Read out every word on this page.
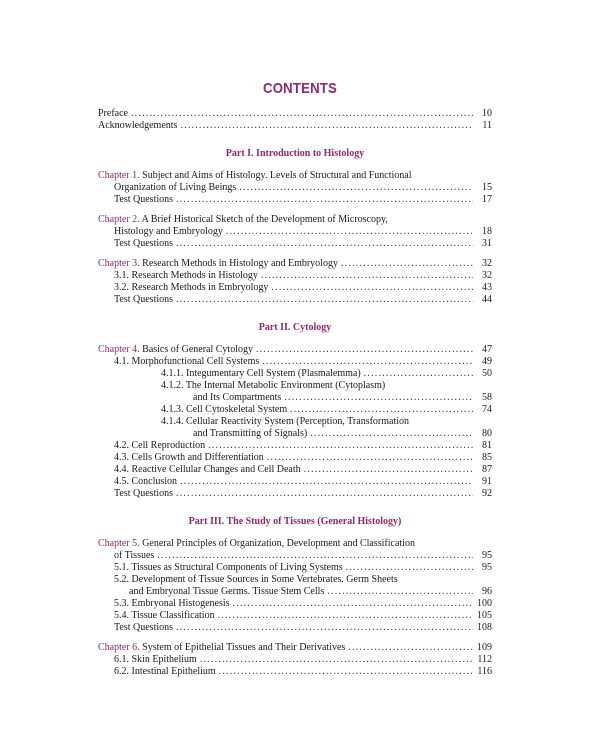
CONTENTS
Preface .....	10
Acknowledgements .....	11
Part I. Introduction to Histology
Chapter 1. Subject and Aims of Histology. Levels of Structural and Functional
Organization of Living Beings .....	15
Test Questions .....	17
Chapter 2. A Brief Historical Sketch of the Development of Microscopy,
Histology and Embryology .....	18
Test Questions .....	31
Chapter 3. Research Methods in Histology and Embryology .....	32
3.1. Research Methods in Histology .....	32
3.2. Research Methods in Embryology .....	43
Test Questions .....	44
Part II. Cytology
Chapter 4. Basics of General Cytology .....	47
4.1. Morphofunctional Cell Systems .....	49
4.1.1. Integumentary Cell System (Plasmalemma) .....	50
4.1.2. The Internal Metabolic Environment (Cytoplasm)
and Its Compartments .....	58
4.1.3. Cell Cytoskeletal System .....	74
4.1.4. Cellular Reactivity System (Perception, Transformation
and Transmitting of Signals) .....	80
4.2. Cell Reproduction .....	81
4.3. Cells Growth and Differentiation .....	85
4.4. Reactive Cellular Changes and Cell Death .....	87
4.5. Conclusion .....	91
Test Questions .....	92
Part III. The Study of Tissues (General Histology)
Chapter 5. General Principles of Organization, Development and Classification
of Tissues .....	95
5.1. Tissues as Structural Components of Living Systems .....	95
5.2. Development of Tissue Sources in Some Vertebrates. Germ Sheets
and Embryonal Tissue Germs. Tissue Stem Cells .....	96
5.3. Embryonal Histogenesis .....	100
5.4. Tissue Classification .....	105
Test Questions .....	108
Chapter 6. System of Epithelial Tissues and Their Derivatives .....	109
6.1. Skin Epithelium .....	112
6.2. Intestinal Epithelium .....	116
